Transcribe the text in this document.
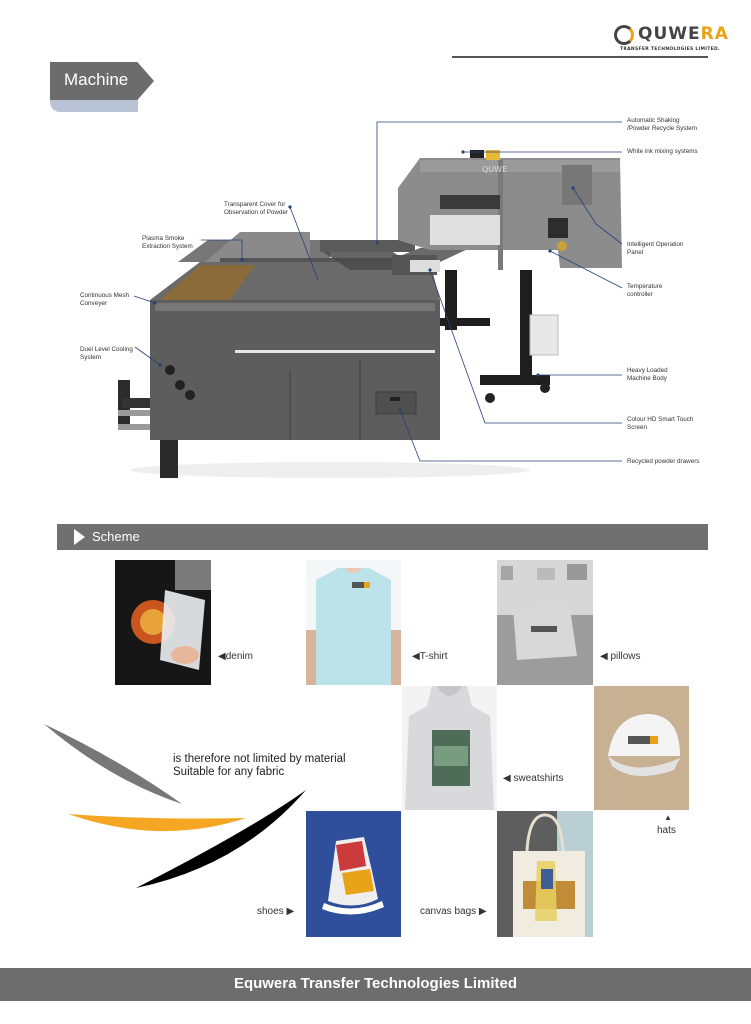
QUWERA
TRANSFER TECHNOLOGIES LIMITED.
Machine
QUWE
Automatic Shaking
/Powder Recycle System
White ink mixing systems
Transparent Cover for
Observation of Powder
Plasma Smoke
Extraction System
Continuous Mesh
Conveyer
Duel Level Cooling
System
Intelligent Operation
Panel
Temperature
controller
Heavy Loaded
Machine Body
Colour HD Smart Touch
Screen
Recycled powder drawers
Scheme
◀denim	◀T-shirt	◀ pillows
◀ sweatshirts
▲
hats
shoes ▶	canvas bags ▶
is therefore not limited by material
Suitable for any fabric
Equwera Transfer Technologies Limited
